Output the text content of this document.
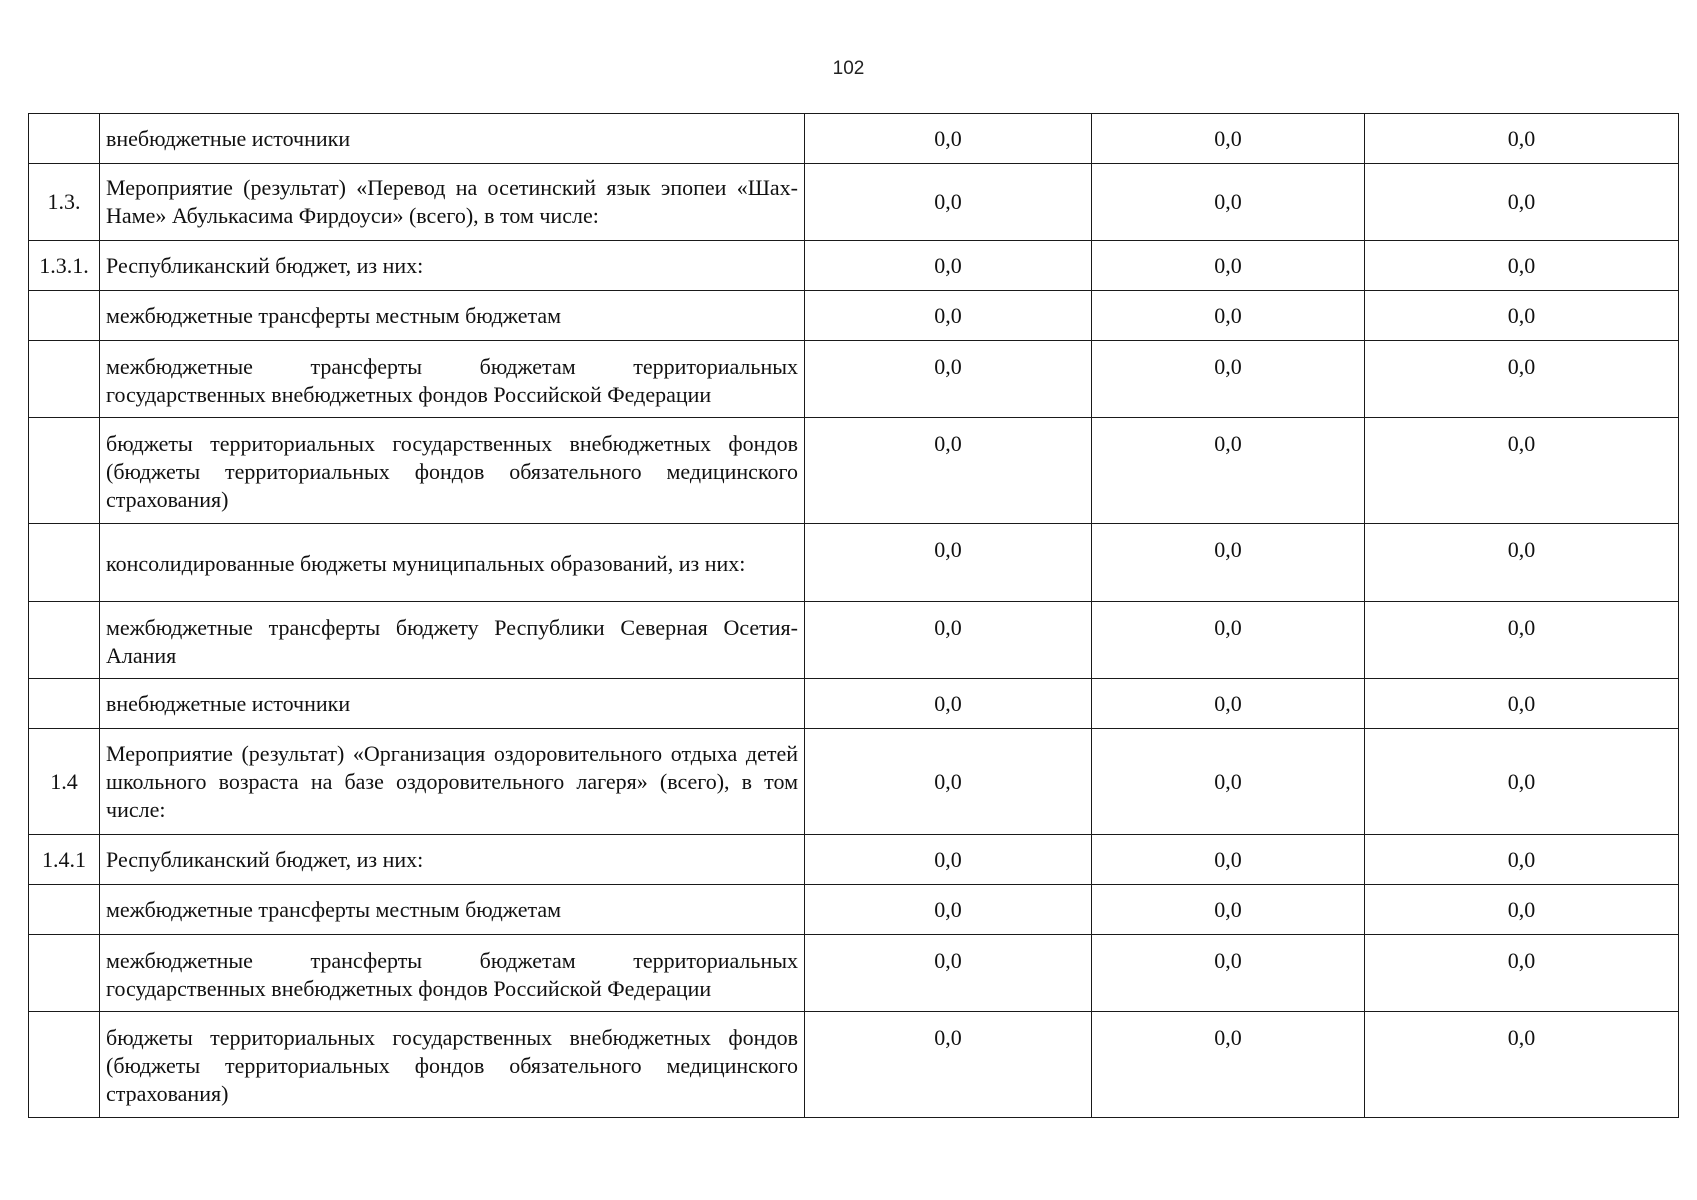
102
	внебюджетные источники	0,0	0,0	0,0
1.3.	Мероприятие (результат) «Перевод на осетинский язык эпопеи «Шах-Наме» Абулькасима Фирдоуси» (всего), в том числе:	0,0	0,0	0,0
1.3.1.	Республиканский бюджет, из них:	0,0	0,0	0,0
	межбюджетные трансферты местным бюджетам	0,0	0,0	0,0
	межбюджетные трансферты бюджетам территориальных государственных внебюджетных фондов Российской Федерации	0,0	0,0	0,0
	бюджеты территориальных государственных внебюджетных фондов (бюджеты территориальных фондов обязательного медицинского страхования)	0,0	0,0	0,0
	консолидированные бюджеты муниципальных образований, из них:	0,0	0,0	0,0
	межбюджетные трансферты бюджету Республики Северная Осетия-Алания	0,0	0,0	0,0
	внебюджетные источники	0,0	0,0	0,0
1.4	Мероприятие (результат) «Организация оздоровительного отдыха детей школьного возраста на базе оздоровительного лагеря» (всего), в том числе:	0,0	0,0	0,0
1.4.1	Республиканский бюджет, из них:	0,0	0,0	0,0
	межбюджетные трансферты местным бюджетам	0,0	0,0	0,0
	межбюджетные трансферты бюджетам территориальных государственных внебюджетных фондов Российской Федерации	0,0	0,0	0,0
	бюджеты территориальных государственных внебюджетных фондов (бюджеты территориальных фондов обязательного медицинского страхования)	0,0	0,0	0,0
